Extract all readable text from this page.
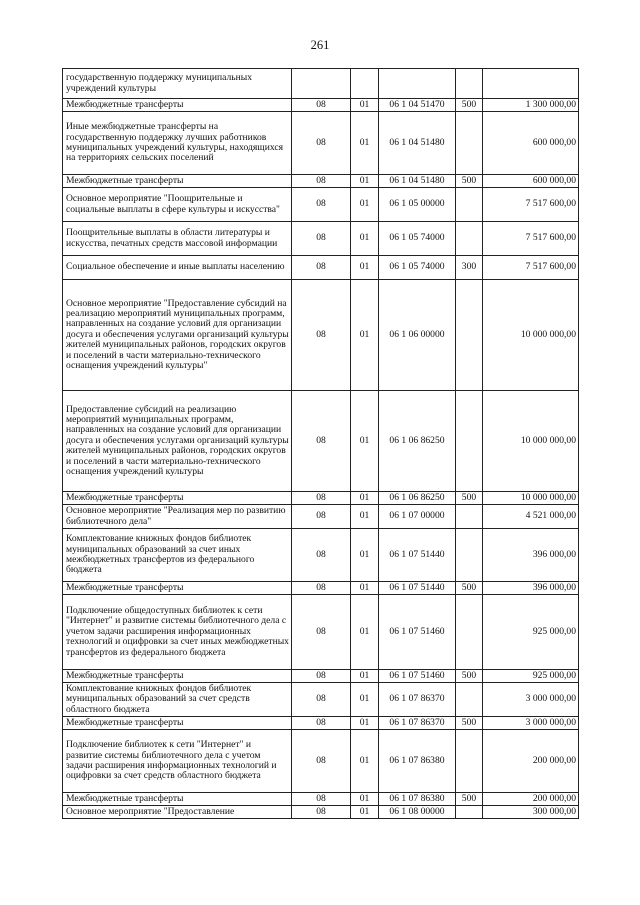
261
государственную поддержку муниципальных учреждений культуры					
Межбюджетные трансферты	08	01	06 1 04 51470	500	1 300 000,00
Иные межбюджетные трансферты на государственную поддержку лучших работников муниципальных учреждений культуры, находящихся на территориях сельских поселений	08	01	06 1 04 51480		600 000,00
Межбюджетные трансферты	08	01	06 1 04 51480	500	600 000,00
Основное мероприятие "Поощрительные и социальные выплаты в сфере культуры и искусства"	08	01	06 1 05 00000		7 517 600,00
Поощрительные выплаты в области литературы и искусства, печатных средств массовой информации	08	01	06 1 05 74000		7 517 600,00
Социальное обеспечение и иные выплаты населению	08	01	06 1 05 74000	300	7 517 600,00
Основное мероприятие "Предоставление субсидий на реализацию мероприятий муниципальных программ, направленных на создание условий для организации досуга и обеспечения услугами организаций культуры жителей муниципальных районов, городских округов и поселений в части материально-технического оснащения учреждений культуры"	08	01	06 1 06 00000		10 000 000,00
Предоставление субсидий на реализацию мероприятий муниципальных программ, направленных на создание условий для организации досуга и обеспечения услугами организаций культуры жителей муниципальных районов, городских округов и поселений в части материально-технического оснащения учреждений культуры	08	01	06 1 06 86250		10 000 000,00
Межбюджетные трансферты	08	01	06 1 06 86250	500	10 000 000,00
Основное мероприятие "Реализация мер по развитию библиотечного дела"	08	01	06 1 07 00000		4 521 000,00
Комплектование книжных фондов библиотек муниципальных образований за счет иных межбюджетных трансфертов из федерального бюджета	08	01	06 1 07 51440		396 000,00
Межбюджетные трансферты	08	01	06 1 07 51440	500	396 000,00
Подключение общедоступных библиотек к сети "Интернет" и развитие системы библиотечного дела с учетом задачи расширения информационных технологий и оцифровки за счет иных межбюджетных трансфертов из федерального бюджета	08	01	06 1 07 51460		925 000,00
Межбюджетные трансферты	08	01	06 1 07 51460	500	925 000,00
Комплектование книжных фондов библиотек муниципальных образований за счет средств областного бюджета	08	01	06 1 07 86370		3 000 000,00
Межбюджетные трансферты	08	01	06 1 07 86370	500	3 000 000,00
Подключение библиотек к сети "Интернет" и развитие системы библиотечного дела с учетом задачи расширения информационных технологий и оцифровки за счет средств областного бюджета	08	01	06 1 07 86380		200 000,00
Межбюджетные трансферты	08	01	06 1 07 86380	500	200 000,00
Основное мероприятие "Предоставление	08	01	06 1 08 00000		300 000,00
